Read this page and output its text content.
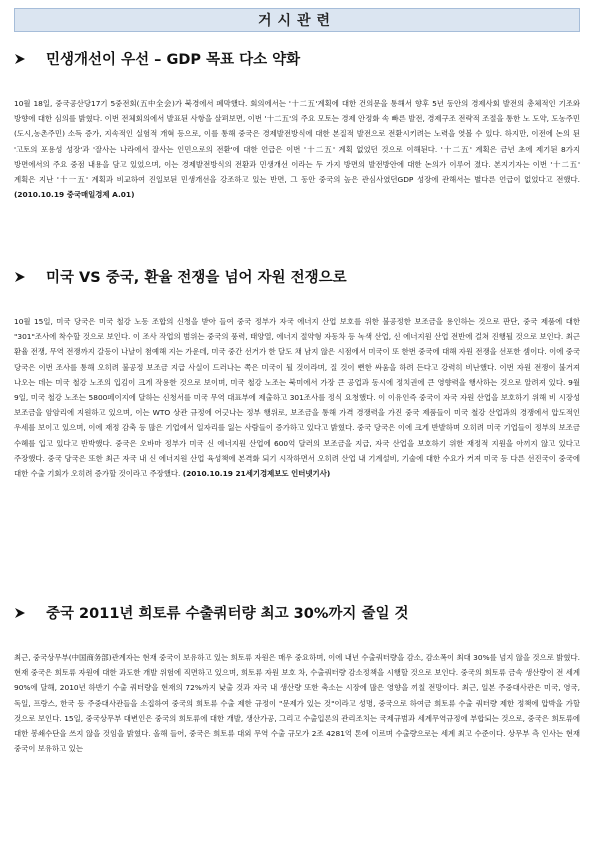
거시관련
민생개선이 우선 – GDP 목표 다소 약화
10월 18일, 중국공산당17기 5중전회(五中全会)가 북경에서 폐막했다. 회의에서는 '十二五'계획에 대한 건의문을 통해서 향후 5년 동안의 경제사회 발전의 총체적인 기조와 방향에 대한 심의를 밝혔다. 이번 전체회의에서 발표된 사항을 살펴보면, 이번 '十二五'의 주요 모토는 경제 안정화 속 빠른 발전, 경제구조 전략적 조절을 통한 노 도약, 도농주민(도시,농촌주민) 소득 증가, 지속적인 실험적 개혁 등으로, 이를 통해 중국은 경제발전방식에 대한 본질적 발전으로 전환시키려는 노력을 엿볼 수 있다. 하지만, 이전에 논의 된 '고토의 포용성 성장'과 '잘사는 나라에서 잘사는 인민으로의 전환'에 대한 언급은 이번 '十二五' 계획 없었던 것으로 이해된다. '十二五' 계획은 금년 초에 제기된 8가지 방면에서의 주요 중점 내용을 담고 있었으며, 이는 경제발전방식의 전환과 민생개선 이라는 두 가지 방면의 발전방안에 대한 논의가 이루어 졌다. 본지기자는 이번 '十二五' 계획은 지난 '十一五' 계획과 비교하여 진일보된 민생개선을 강조하고 있는 반면, 그 동안 중국의 높은 관심사였던GDP 성장에 관해서는 별다른 언급이 없었다고 전했다. (2010.10.19 중국매일경제 A.01)
미국 VS 중국, 환율 전쟁을 넘어 자원 전쟁으로
10월 15일, 미국 당국은 미국 철강 노동 조합의 신청을 받아 들여 중국 정부가 자국 에너지 산업 보호를 위한 불공정한 보조금을 용인하는 것으로 판단, 중국 제품에 대한 "301"조사에 착수할 것으로 보인다. 이 조사 작업의 범위는 중국의 풍력, 태양열, 에너지 절약형 자동차 등 녹색 산업, 신 에너지원 산업 전반에 걸쳐 진행될 것으로 보인다. 최근 환율 전쟁, 무역 전쟁까지 갈등이 나날이 첨예해 지는 가운데, 미국 중간 선거가 한 달도 채 남지 않은 시점에서 미국이 또 한번 중국에 대해 자원 전쟁을 선포한 셈이다. 이에 중국 당국은 이번 조사를 통해 오히려 불공정 보조금 지급 사실이 드러나는 쪽은 미국이 될 것이라며, 질 것이 뻔한 싸움을 하려 든다고 강력히 비난했다. 이번 자원 전쟁이 불거져 나오는 데는 미국 철강 노조의 입김이 크게 작용한 것으로 보이며, 미국 철강 노조는 북미에서 가장 큰 공업과 동시에 정치권에 큰 영향력을 행사하는 것으로 알려져 있다. 9월 9일, 미국 철강 노조는 5800페이지에 달하는 신청서를 미국 무역 대표부에 제출하고 301조사를 정식 요청했다. 이 이유인즉 중국이 자국 자원 산업을 보호하기 위해 비 시장성 보조금을 암암리에 지원하고 있으며, 이는 WTO 상관 규정에 어긋나는 정부 행위로, 보조금을 통해 가격 경쟁력을 가진 중국 제품들이 미국 철강 산업과의 경쟁에서 압도적인 우세를 보이고 있으며, 이에 재정 감축 등 많은 기업에서 일자리를 잃는 사람들이 증가하고 있다고 밝혔다. 중국 당국은 이에 크게 반발하며 오히려 미국 기업들이 정부의 보조금 수혜를 입고 있다고 반박했다. 중국은 오바마 정부가 미국 신 에너지원 산업에 600억 달러의 보조금을 지급, 자국 산업을 보호하기 위한 재정적 지원을 아끼지 않고 있다고 주장했다. 중국 당국은 또한 최근 자국 내 신 에너지원 산업 육성책에 본격화 되기 시작하면서 오히려 산업 내 기계설비, 기술에 대한 수요가 커져 미국 등 다른 선진국이 중국에 대한 수출 기회가 오히려 증가할 것이라고 주장했다. (2010.10.19 21세기경제보도 인터넷기사)
중국 2011년 희토류 수출쿼터량 최고 30%까지 줄일 것
최근, 중국상무부(中国商务部)관계자는 현재 중국이 보유하고 있는 희토류 자원은 매우 중요하며, 이에 내년 수출쿼터량을 감소, 감소폭이 최대 30%를 넘지 않을 것으로 밝혔다. 현재 중국은 희토류 자원에 대한 과도한 개발 위험에 직면하고 있으며, 희토류 자원 보호 차, 수출쿼터량 감소정책을 시행할 것으로 보인다. 중국의 희토류 금속 생산량이 전 세계 90%에 달해, 2010년 하반기 수출 쿼터량을 현재의 72%까지 낮출 것과 자국 내 생산량 또한 축소는 시장에 많은 영향을 끼칠 전망이다. 최근, 일본 주중대사관은 미국, 영국, 독일, 프랑스, 한국 등 주중대사관들을 소집하여 중국의 희토류 수출 제한 규정이 "문제가 있는 것"이라고 성명, 중국으로 하여금 희토류 수출 쿼터량 제한 정책에 압박을 가할 것으로 보인다. 15일, 중국상무부 대변인은 중국의 희토류에 대한 개발, 생산가공, 그리고 수출입론의 관리조치는 국제규범과 세계무역규정에 부합되는 것으로, 중국은 희토류에 대한 봉쇄수단을 쓰지 않을 것임을 밝혔다. 올해 들어, 중국은 희토류 대외 무역 수출 규모가 2조 4281억 톤에 이르며 수출량으로는 세계 최고 수준이다. 상무부 측 인사는 현재 중국이 보유하고 있는
